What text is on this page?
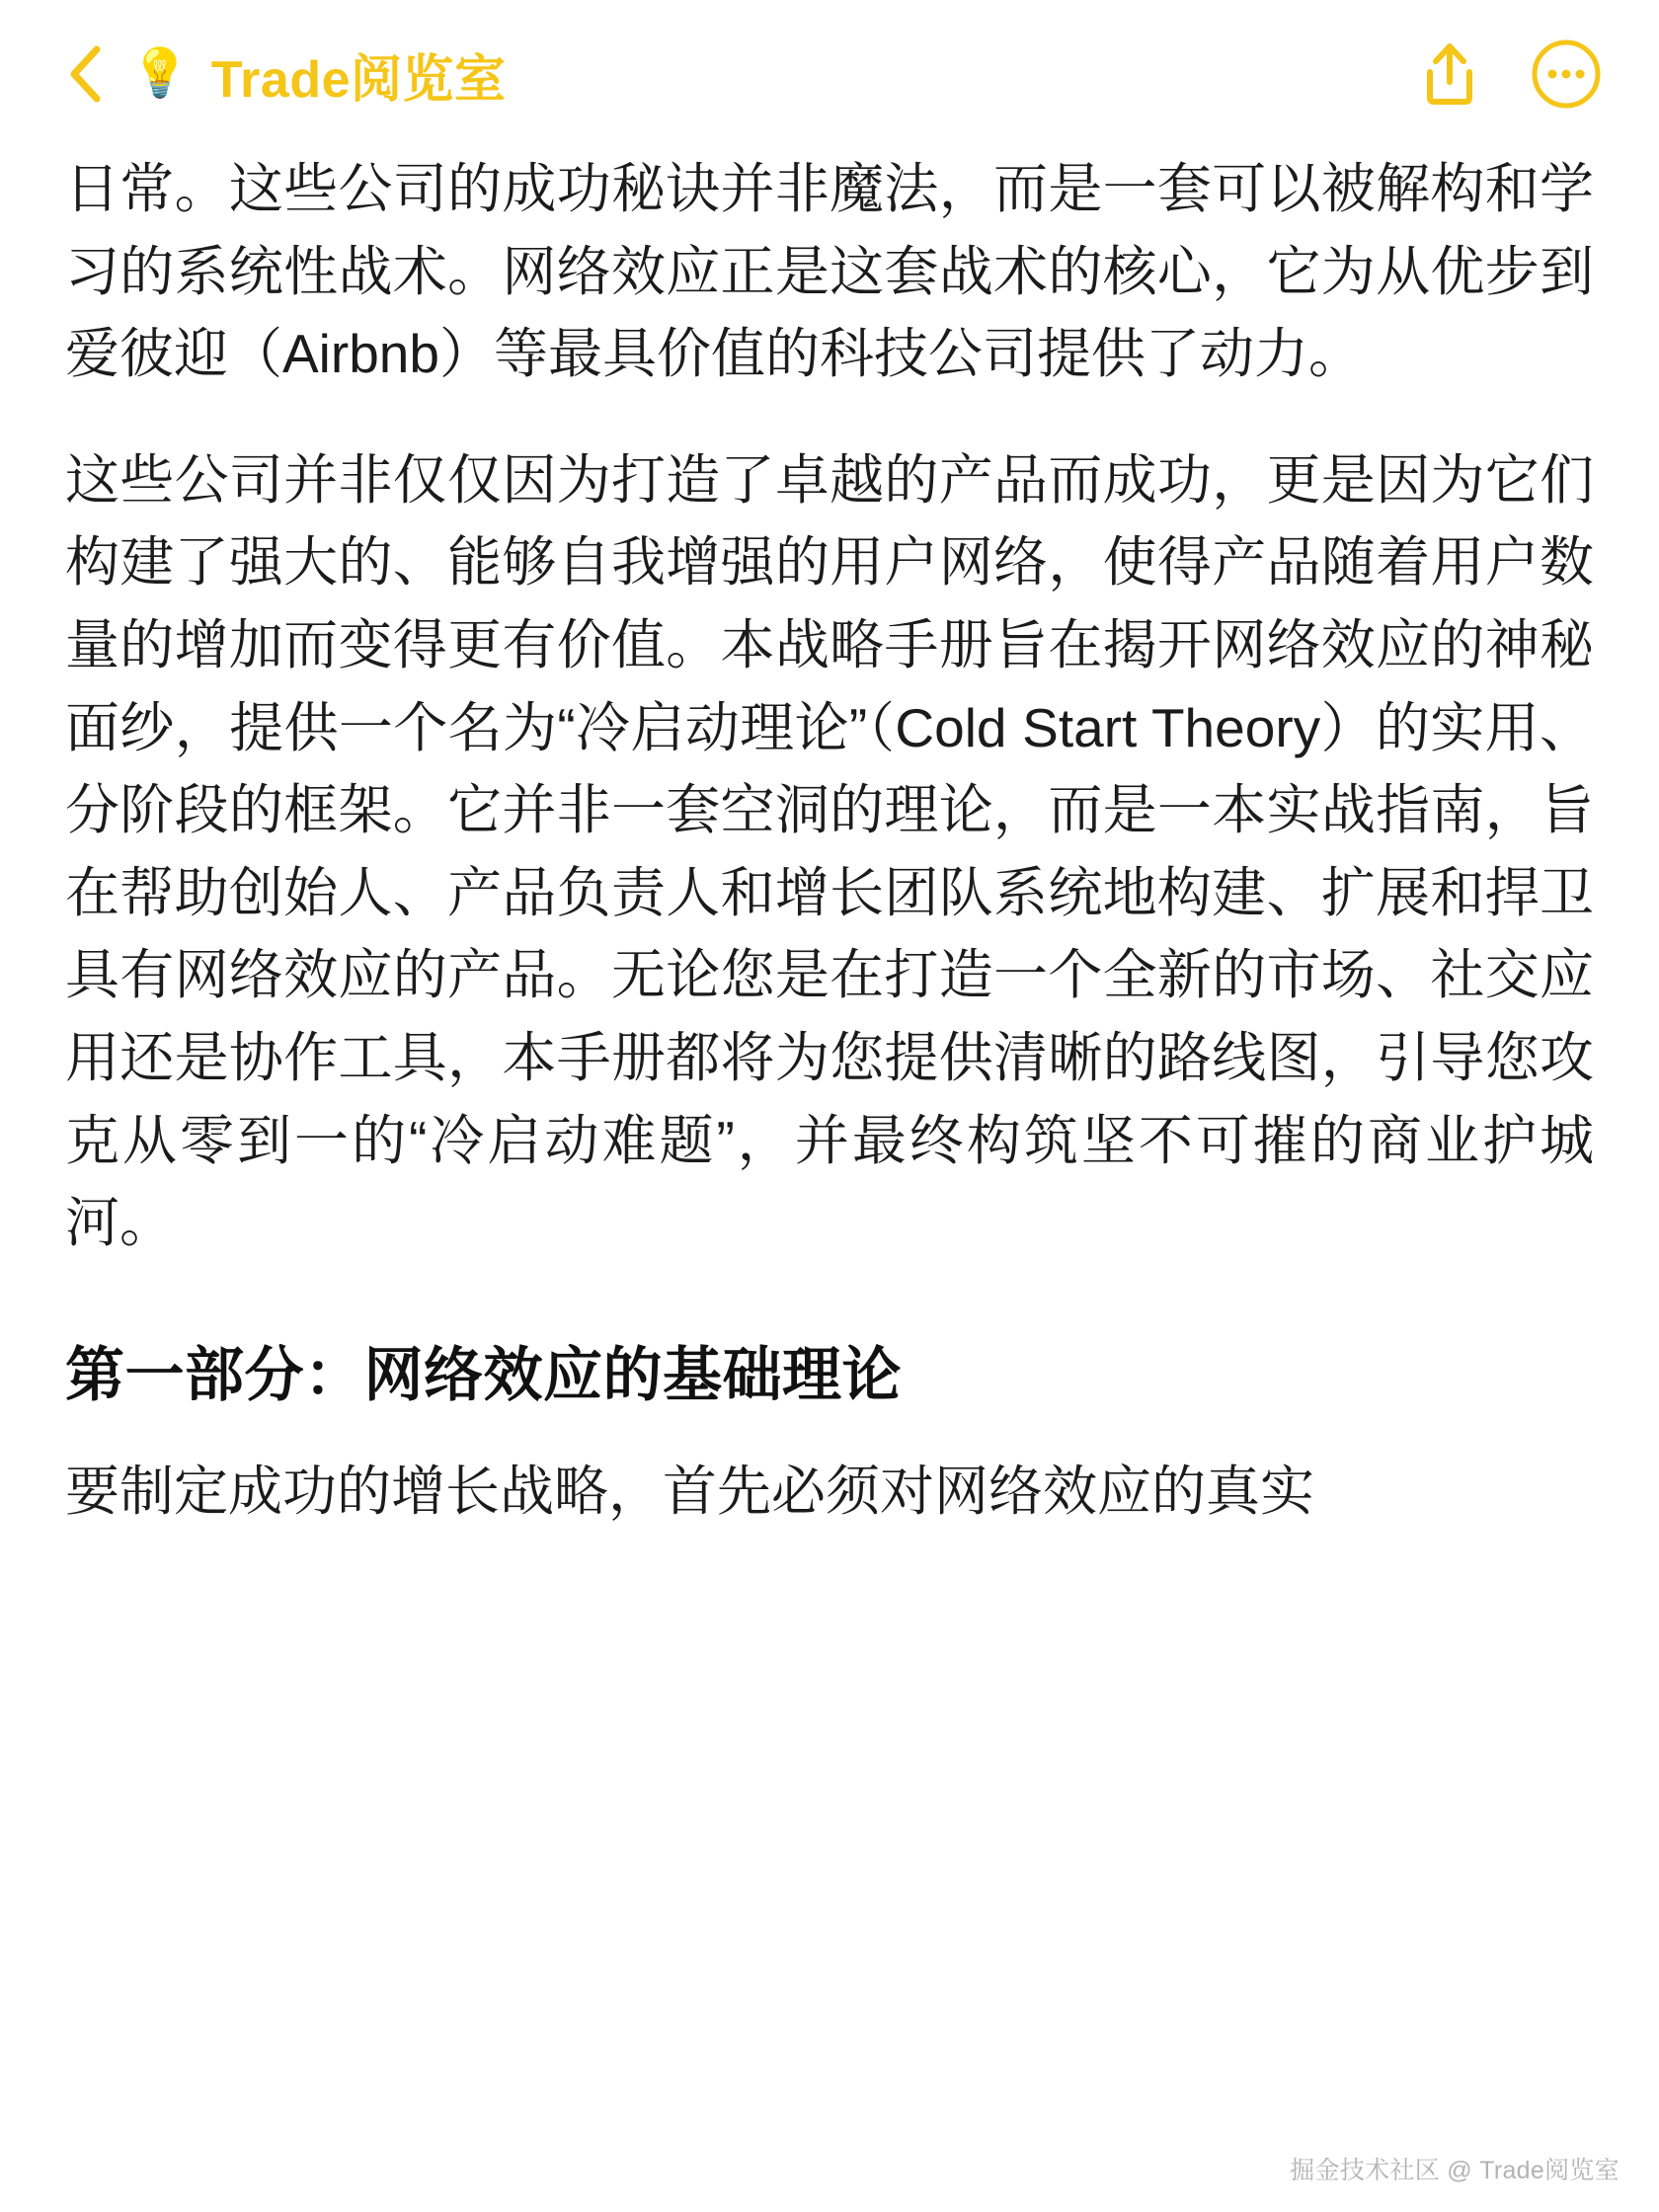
💡 Trade阅览室

日常。这些公司的成功秘诀并非魔法，而是一套可以被解构和学习的系统性战术。网络效应正是这套战术的核心，它为从优步到爱彼迎（Airbnb）等最具价值的科技公司提供了动力。

这些公司并非仅仅因为打造了卓越的产品而成功，更是因为它们构建了强大的、能够自我增强的用户网络，使得产品随着用户数量的增加而变得更有价值。本战略手册旨在揭开网络效应的神秘面纱，提供一个名为“冷启动理论”（Cold Start Theory）的实用、分阶段的框架。它并非一套空洞的理论，而是一本实战指南，旨在帮助创始人、产品负责人和增长团队系统地构建、扩展和捍卫具有网络效应的产品。无论您是在打造一个全新的市场、社交应用还是协作工具，本手册都将为您提供清晰的路线图，引导您攻克从零到一的“冷启动难题”，并最终构筑坚不可摧的商业护城河。

第一部分：网络效应的基础理论

要制定成功的增长战略，首先必须对网络效应的真实

掘金技术社区 @ Trade阅览室
